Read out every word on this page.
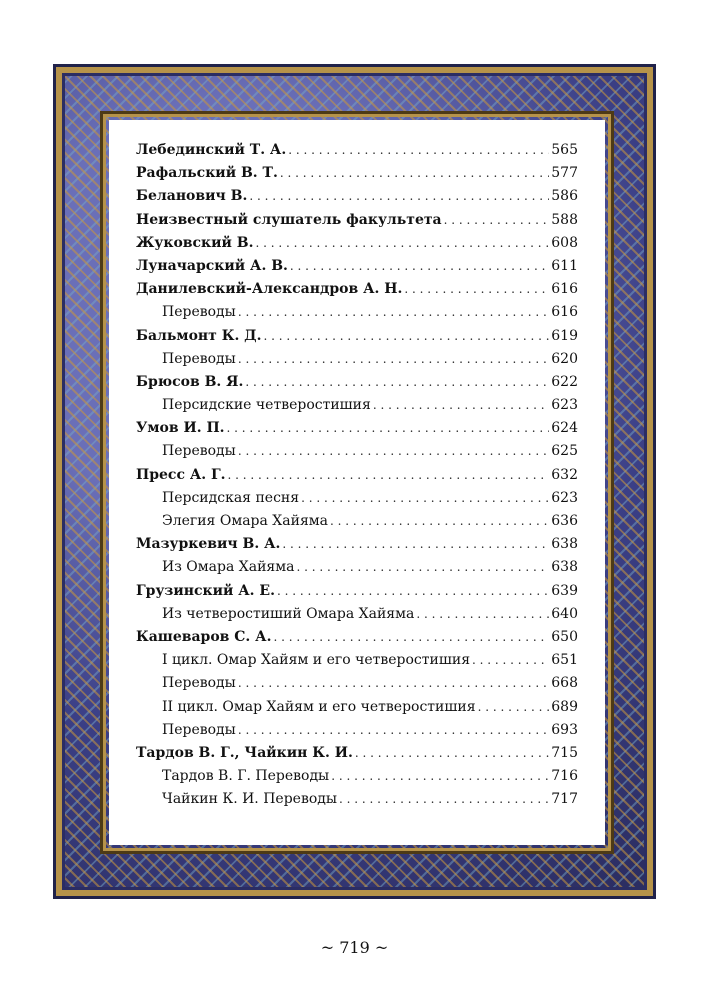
Лебединский Т. А. . . .	565
Рафальский В. Т. . . .	577
Беланович В. . . .	586
Неизвестный слушатель факультета . . .	588
Жуковский В. . . .	608
Луначарский А. В. . . .	611
Данилевский-Александров А. Н. . . .	616
Переводы . . .	616
Бальмонт К. Д. . . .	619
Переводы . . .	620
Брюсов В. Я. . . .	622
Персидские четверостишия . . .	623
Умов И. П. . . .	624
Переводы . . .	625
Пресс А. Г. . . .	632
Персидская песня . . .	623
Элегия Омара Хайяма . . .	636
Мазуркевич В. А. . . .	638
Из Омара Хайяма . . .	638
Грузинский А. Е. . . .	639
Из четверостиший Омара Хайяма . . .	640
Кашеваров С. А. . . .	650
I цикл. Омар Хайям и его четверостишия . . .	651
Переводы . . .	668
II цикл. Омар Хайям и его четверостишия . . .	689
Переводы . . .	693
Тардов В. Г., Чайкин К. И. . . .	715
Тардов В. Г. Переводы . . .	716
Чайкин К. И. Переводы . . .	717
~ 719 ~
